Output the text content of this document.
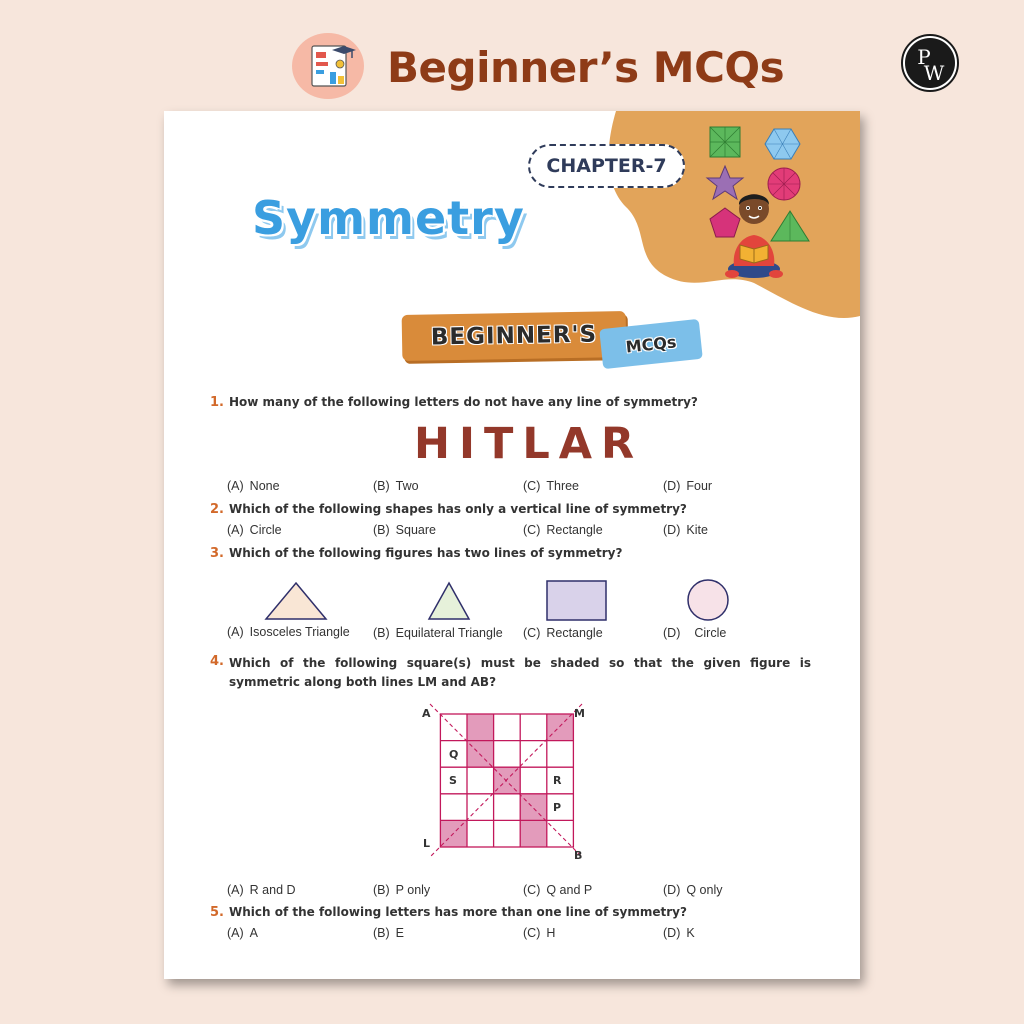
Beginner’s MCQs	P
W
CHAPTER-7
Symmetry
BEGINNER'S	MCQs
1. How many of the following letters do not have any line of symmetry?
HITLAR
(A) None	(B) Two	(C) Three	(D) Four
2. Which of the following shapes has only a vertical line of symmetry?
(A) Circle	(B) Square	(C) Rectangle	(D) Kite
3. Which of the following figures has two lines of symmetry?
(A) Isosceles Triangle (B) Equilateral Triangle (C) Rectangle	(D) Circle
4. Which of the following square(s) must be shaded so that the given figure is symmetric along both lines LM and AB?
A	M
L
B
Q
S	R
P
(A) R and D	(B) P only	(C) Q and P	(D) Q only
5. Which of the following letters has more than one line of symmetry?
(A) A	(B) E	(C) H	(D) K
